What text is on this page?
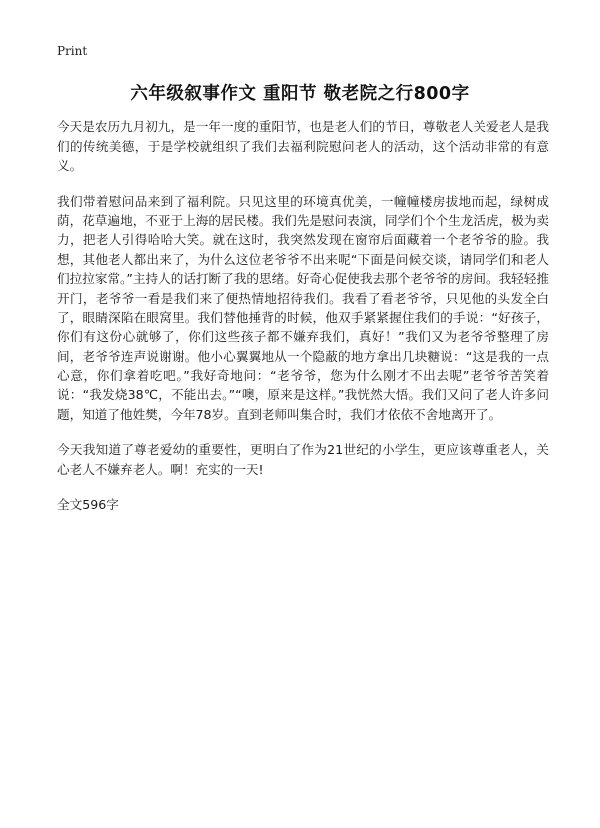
Print
六年级叙事作文 重阳节 敬老院之行800字

今天是农历九月初九，是一年一度的重阳节，也是老人们的节日，尊敬老人关爱老人是我们的传统美德，于是学校就组织了我们去福利院慰问老人的活动，这个活动非常的有意义。

我们带着慰问品来到了福利院。只见这里的环境真优美，一幢幢楼房拔地而起，绿树成荫，花草遍地，不亚于上海的居民楼。我们先是慰问表演，同学们个个生龙活虎，极为卖力，把老人引得哈哈大笑。就在这时，我突然发现在窗帘后面藏着一个老爷爷的脸。我想，其他老人都出来了，为什么这位老爷爷不出来呢“下面是问候交谈，请同学们和老人们拉拉家常。”主持人的话打断了我的思绪。好奇心促使我去那个老爷爷的房间。我轻轻推开门，老爷爷一看是我们来了便热情地招待我们。我看了看老爷爷，只见他的头发全白了，眼睛深陷在眼窝里。我们替他捶背的时候，他双手紧紧握住我们的手说：“好孩子，你们有这份心就够了，你们这些孩子都不嫌弃我们，真好！”我们又为老爷爷整理了房间，老爷爷连声说谢谢。他小心翼翼地从一个隐蔽的地方拿出几块糖说：“这是我的一点心意，你们拿着吃吧。”我好奇地问：“老爷爷，您为什么刚才不出去呢”老爷爷苦笑着说：“我发烧38℃，不能出去。”“噢，原来是这样。”我恍然大悟。我们又问了老人许多问题，知道了他姓樊，今年78岁。直到老师叫集合时，我们才依依不舍地离开了。

今天我知道了尊老爱幼的重要性，更明白了作为21世纪的小学生，更应该尊重老人，关心老人不嫌弃老人。啊！充实的一天!

全文596字
